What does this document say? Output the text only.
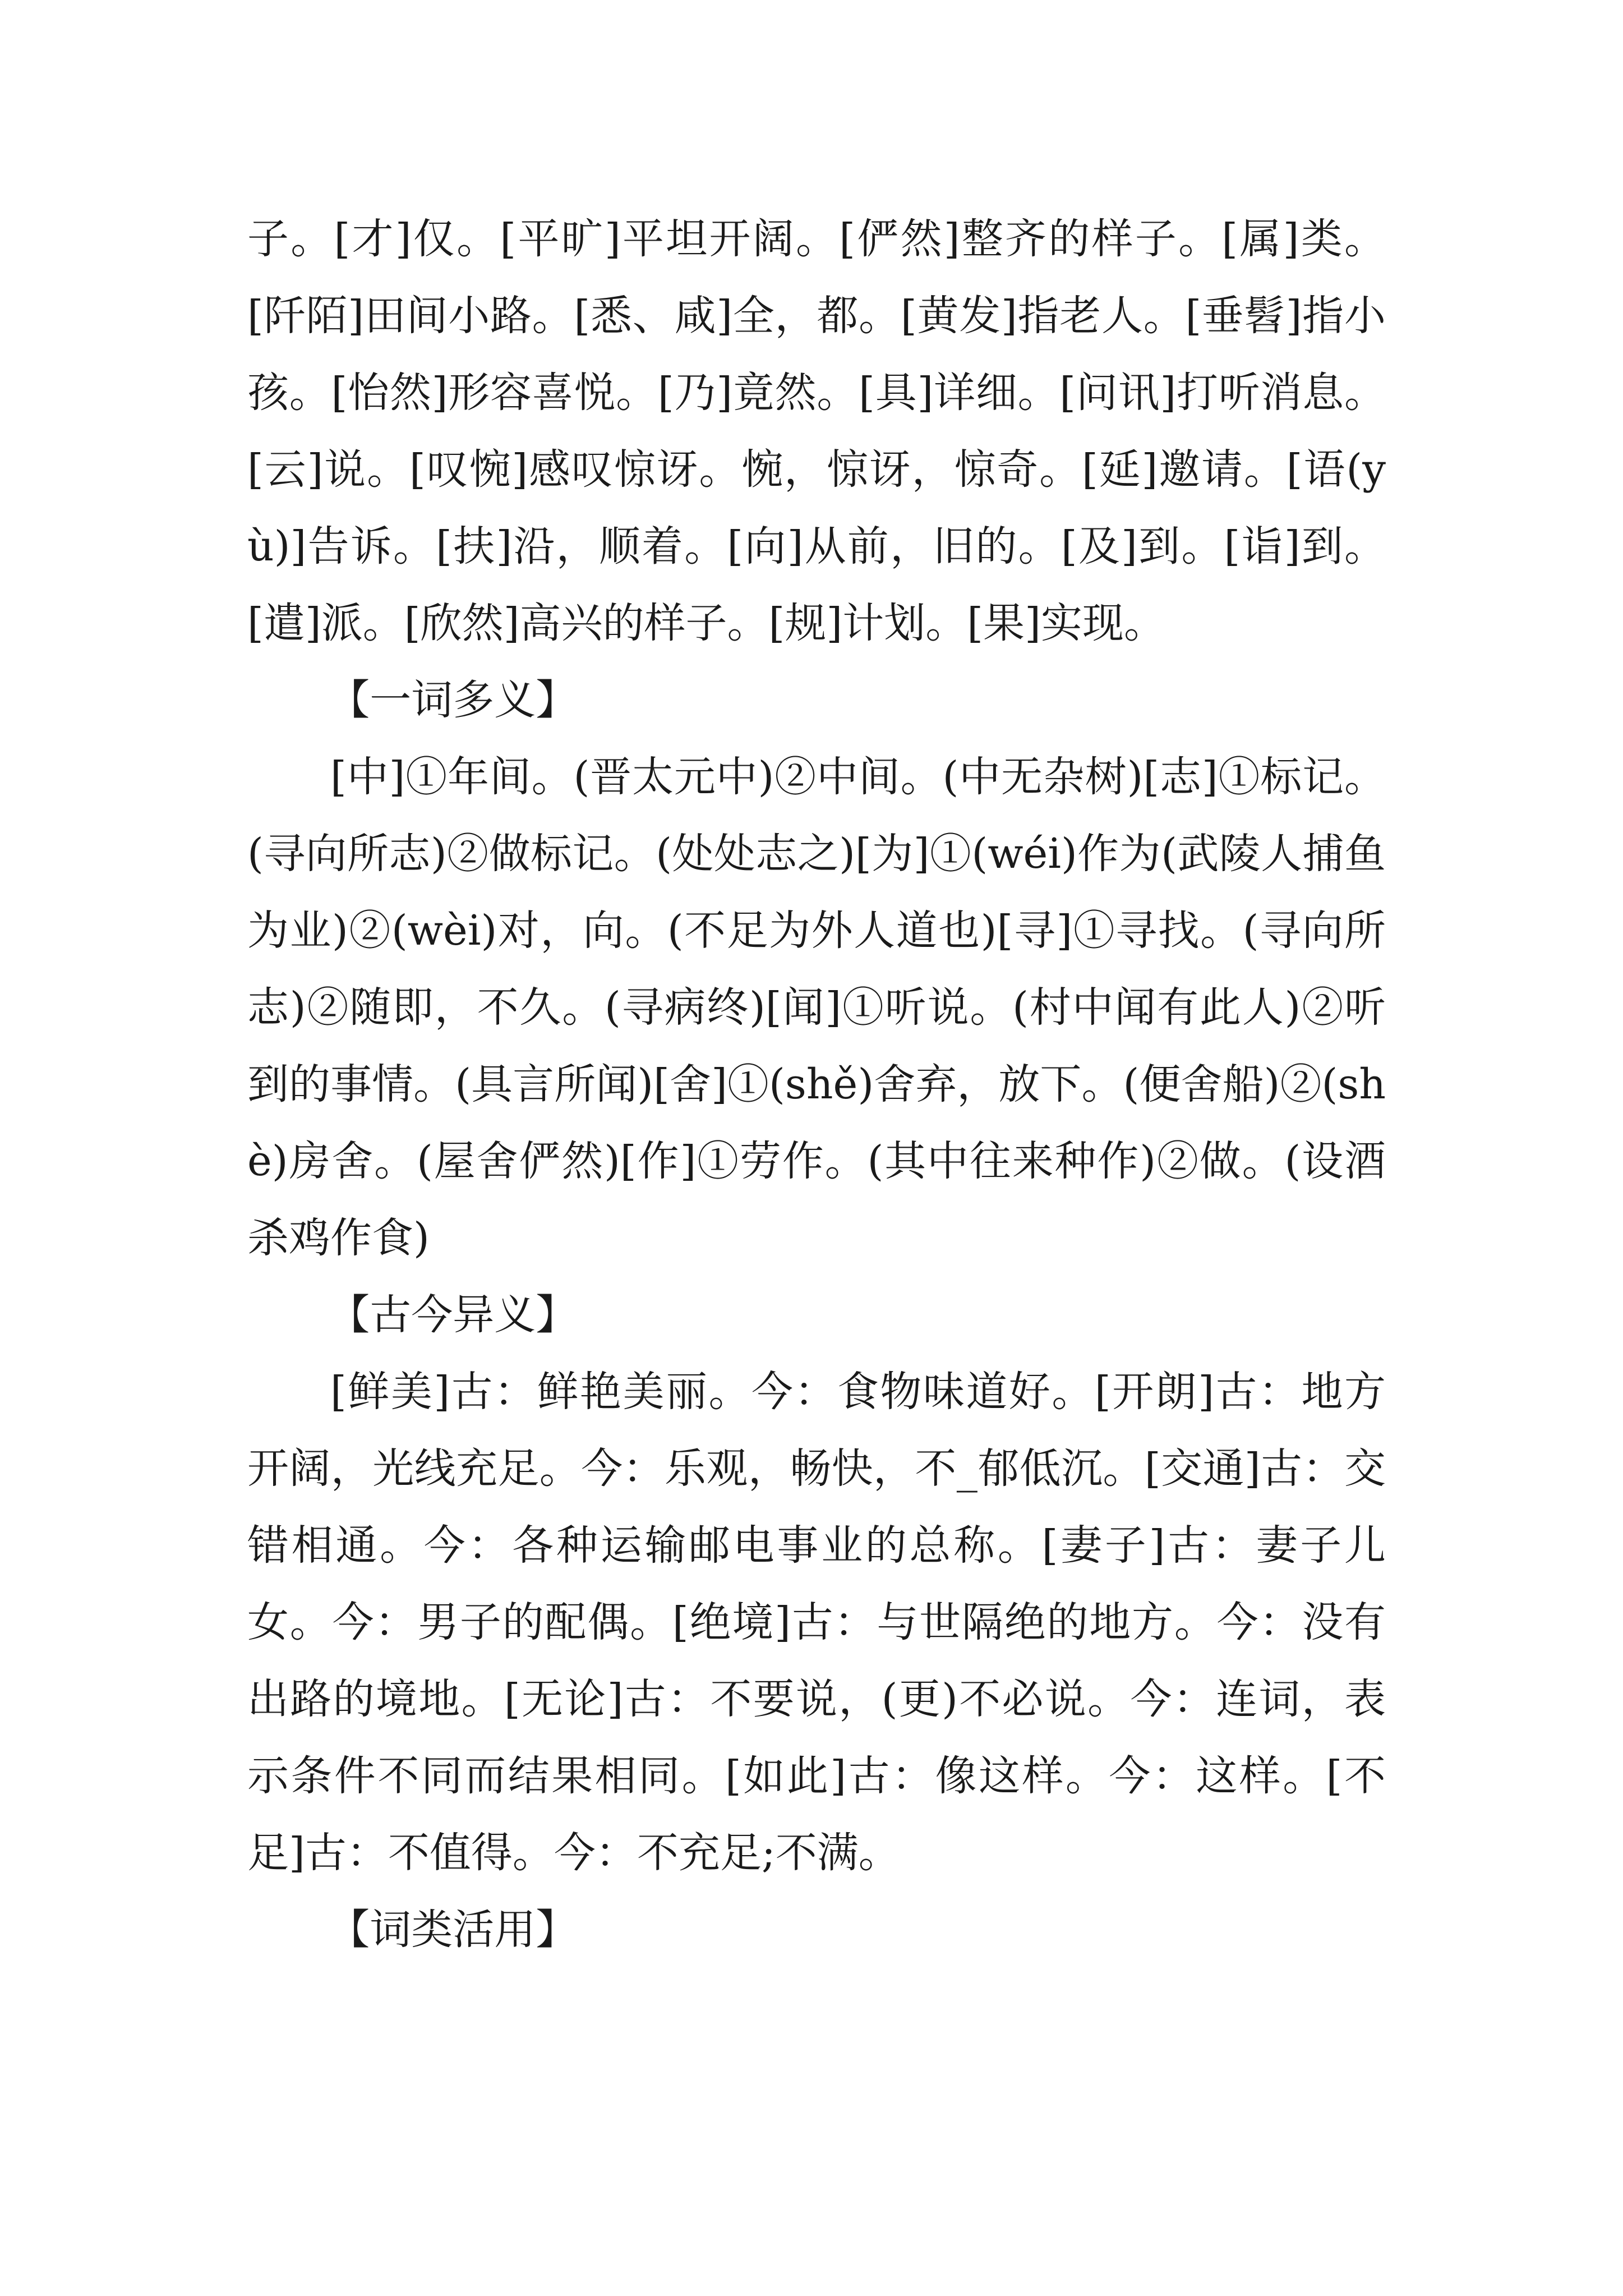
子。[才]仅。[平旷]平坦开阔。[俨然]整齐的样子。[属]类。[阡陌]田间小路。[悉、咸]全，都。[黄发]指老人。[垂髫]指小孩。[怡然]形容喜悦。[乃]竟然。[具]详细。[问讯]打听消息。[云]说。[叹惋]感叹惊讶。惋，惊讶，惊奇。[延]邀请。[语(yù)]告诉。[扶]沿，顺着。[向]从前，旧的。[及]到。[诣]到。[遣]派。[欣然]高兴的样子。[规]计划。[果]实现。

【一词多义】

[中]①年间。(晋太元中)②中间。(中无杂树)[志]①标记。(寻向所志)②做标记。(处处志之)[为]①(wéi)作为(武陵人捕鱼为业)②(wèi)对，向。(不足为外人道也)[寻]①寻找。(寻向所志)②随即，不久。(寻病终)[闻]①听说。(村中闻有此人)②听到的事情。(具言所闻)[舍]①(shě)舍弃，放下。(便舍船)②(shè)房舍。(屋舍俨然)[作]①劳作。(其中往来种作)②做。(设酒杀鸡作食)

【古今异义】

[鲜美]古：鲜艳美丽。今：食物味道好。[开朗]古：地方开阔，光线充足。今：乐观，畅快，不_郁低沉。[交通]古：交错相通。今：各种运输邮电事业的总称。[妻子]古：妻子儿女。今：男子的配偶。[绝境]古：与世隔绝的地方。今：没有出路的境地。[无论]古：不要说，(更)不必说。今：连词，表示条件不同而结果相同。[如此]古：像这样。今：这样。[不足]古：不值得。今：不充足;不满。

【词类活用】
